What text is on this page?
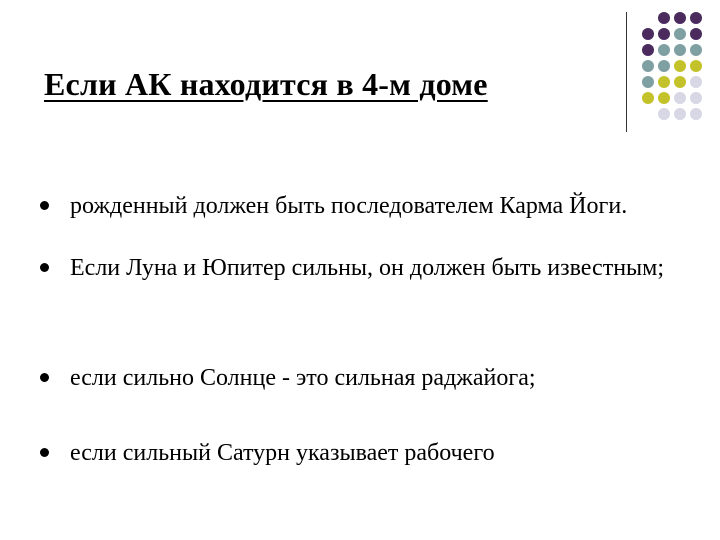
Если АК находится в 4-м доме
рожденный должен быть последователем Карма Йоги.
Если Луна и Юпитер сильны, он должен быть известным;
если сильно Солнце - это сильная раджайога;
если сильный Сатурн указывает рабочего
